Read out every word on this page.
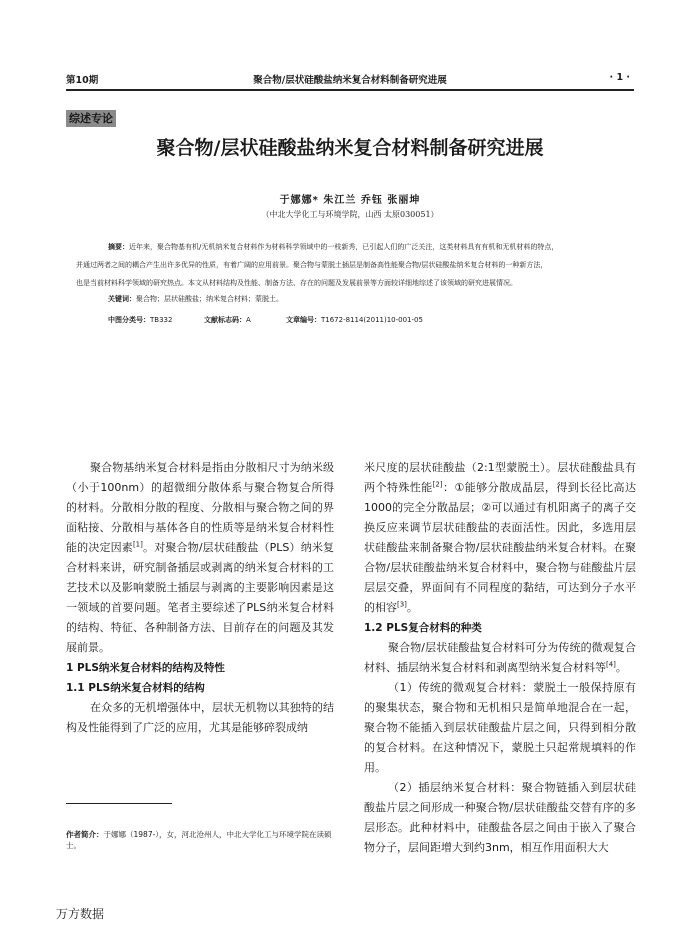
第10期	聚合物/层状硅酸盐纳米复合材料制备研究进展	· 1 ·
综述专论
聚合物/层状硅酸盐纳米复合材料制备研究进展
于娜娜* 朱江兰 乔钰 张丽坤
（中北大学化工与环境学院，山西 太原030051）

摘要：近年来，聚合物基有机/无机纳米复合材料作为材料科学领域中的一枝新秀，已引起人们的广泛关注，这类材料具有有机和无机材料的特点，

并通过两者之间的耦合产生出许多优异的性质，有着广阔的应用前景。聚合物与蒙脱土插层是制备高性能聚合物/层状硅酸盐纳米复合材料的一种新方法，

也是当前材料科学领域的研究热点。本文从材料结构及性能、制备方法、存在的问题及发展前景等方面较详细地综述了该领域的研究进展情况。

关键词：聚合物；层状硅酸盐；纳米复合材料；蒙脱土。
中图分类号：TB332	文献标志码：A	文章编号：T1672-8114(2011)10-001-05

聚合物基纳米复合材料是指由分散相尺寸为纳米级（小于100nm）的超微细分散体系与聚合物复合所得的材料。分散相分散的程度、分散相与聚合物之间的界面粘接、分散相与基体各自的性质等是纳米复合材料性能的决定因素[1]。对聚合物/层状硅酸盐（PLS）纳米复合材料来讲，研究制备插层或剥离的纳米复合材料的工艺技术以及影响蒙脱土插层与剥离的主要影响因素是这一领域的首要问题。笔者主要综述了PLS纳米复合材料的结构、特征、各种制备方法、目前存在的问题及其发展前景。

1 PLS纳米复合材料的结构及特性

1.1 PLS纳米复合材料的结构

在众多的无机增强体中，层状无机物以其独特的结构及性能得到了广泛的应用，尤其是能够碎裂成纳

米尺度的层状硅酸盐（2:1型蒙脱土）。层状硅酸盐具有两个特殊性能[2]：①能够分散成晶层，得到长径比高达1000的完全分散晶层；②可以通过有机阳离子的离子交换反应来调节层状硅酸盐的表面活性。因此，多选用层状硅酸盐来制备聚合物/层状硅酸盐纳米复合材料。在聚合物/层状硅酸盐纳米复合材料中，聚合物与硅酸盐片层层层交叠，界面间有不同程度的黏结，可达到分子水平的相容[3]。

1.2 PLS复合材料的种类

聚合物/层状硅酸盐复合材料可分为传统的微观复合材料、插层纳米复合材料和剥离型纳米复合材料等[4]。

（1）传统的微观复合材料：蒙脱土一般保持原有的聚集状态，聚合物和无机相只是简单地混合在一起，聚合物不能插入到层状硅酸盐片层之间，只得到相分散的复合材料。在这种情况下，蒙脱土只起常规填料的作用。

（2）插层纳米复合材料：聚合物链插入到层状硅酸盐片层之间形成一种聚合物/层状硅酸盐交替有序的多层形态。此种材料中，硅酸盐各层之间由于嵌入了聚合物分子，层间距增大到约3nm，相互作用面积大大

作者简介：于娜娜（1987-），女，河北沧州人，中北大学化工与环境学院在读硕士。
万方数据
